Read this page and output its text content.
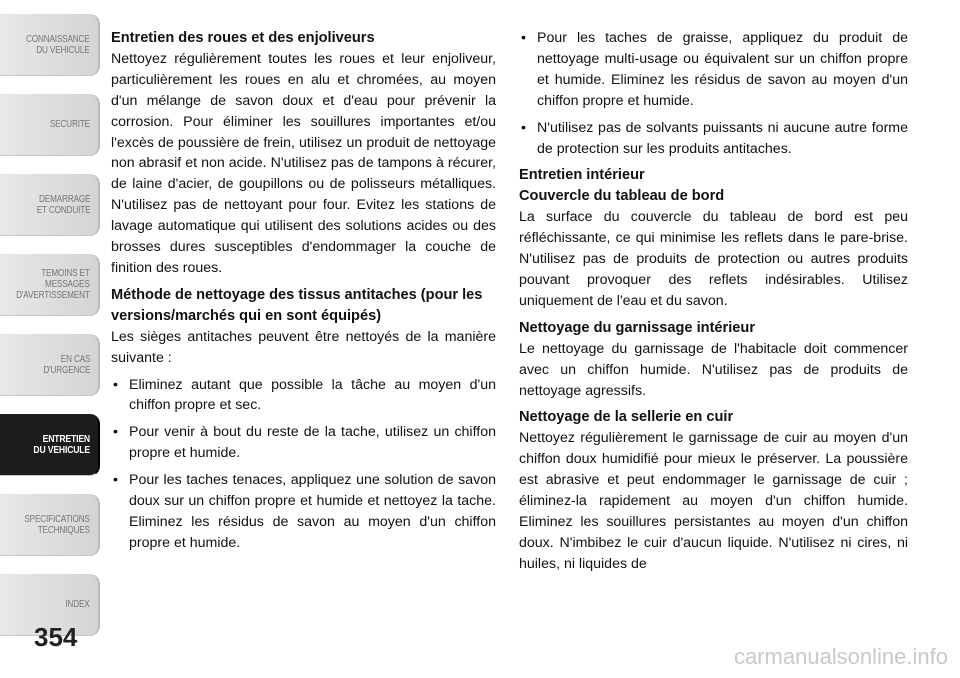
CONNAISSANCE
DU VEHICULE
SECURITE
DEMARRAGE
ET CONDUITE
TEMOINS ET
MESSAGES
D'AVERTISSEMENT
EN CAS
D'URGENCE
ENTRETIEN
DU VEHICULE
SPECIFICATIONS
TECHNIQUES
INDEX
354
Entretien des roues et des enjoliveurs

Nettoyez régulièrement toutes les roues et leur enjoliveur, particulièrement les roues en alu et chromées, au moyen d'un mélange de savon doux et d'eau pour prévenir la corrosion. Pour éliminer les souillures importantes et/ou l'excès de poussière de frein, utilisez un produit de nettoyage non abrasif et non acide. N'utilisez pas de tampons à récurer, de laine d'acier, de goupillons ou de polisseurs métalliques. N'utilisez pas de nettoyant pour four. Evitez les stations de lavage automatique qui utilisent des solutions acides ou des brosses dures susceptibles d'endommager la couche de finition des roues.

Méthode de nettoyage des tissus antitaches (pour les versions/marchés qui en sont équipés)

Les sièges antitaches peuvent être nettoyés de la manière suivante :

• Eliminez autant que possible la tâche au moyen d'un chiffon propre et sec.
• Pour venir à bout du reste de la tache, utilisez un chiffon propre et humide.
• Pour les taches tenaces, appliquez une solution de savon doux sur un chiffon propre et humide et nettoyez la tache. Eliminez les résidus de savon au moyen d'un chiffon propre et humide.
• Pour les taches de graisse, appliquez du produit de nettoyage multi-usage ou équivalent sur un chiffon propre et humide. Eliminez les résidus de savon au moyen d'un chiffon propre et humide.
• N'utilisez pas de solvants puissants ni aucune autre forme de protection sur les produits antitaches.
Entretien intérieur
Couvercle du tableau de bord

La surface du couvercle du tableau de bord est peu réfléchissante, ce qui minimise les reflets dans le pare-brise. N'utilisez pas de produits de protection ou autres produits pouvant provoquer des reflets indésirables. Utilisez uniquement de l'eau et du savon.

Nettoyage du garnissage intérieur

Le nettoyage du garnissage de l'habitacle doit commencer avec un chiffon humide. N'utilisez pas de produits de nettoyage agressifs.

Nettoyage de la sellerie en cuir

Nettoyez régulièrement le garnissage de cuir au moyen d'un chiffon doux humidifié pour mieux le préserver. La poussière est abrasive et peut endommager le garnissage de cuir ; éliminez-la rapidement au moyen d'un chiffon humide. Eliminez les souillures persistantes au moyen d'un chiffon doux. N'imbibez le cuir d'aucun liquide. N'utilisez ni cires, ni huiles, ni liquides de

carmanualsonline.info
